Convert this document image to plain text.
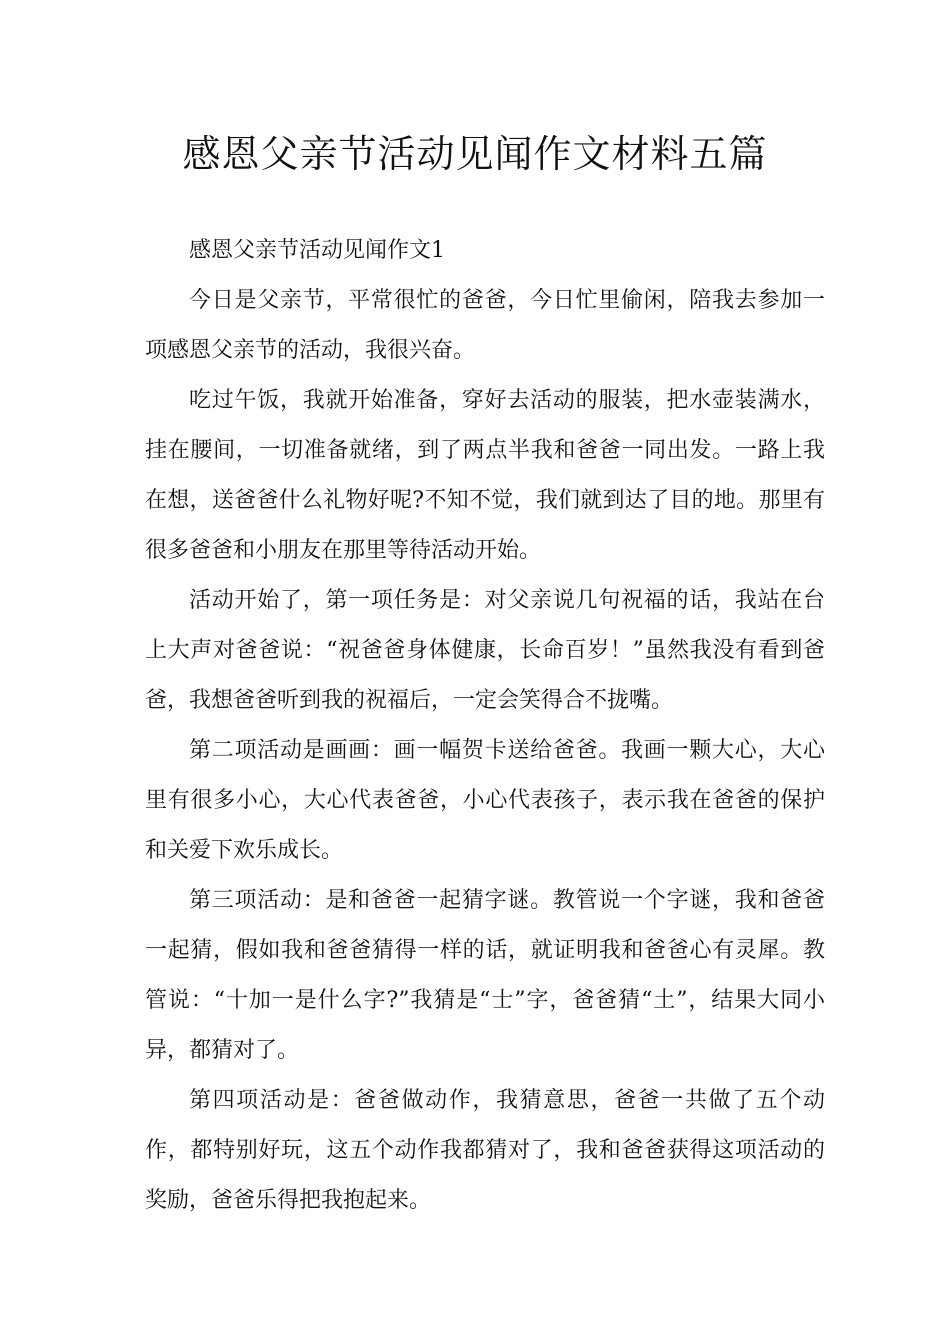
感恩父亲节活动见闻作文材料五篇

感恩父亲节活动见闻作文1

今日是父亲节，平常很忙的爸爸，今日忙里偷闲，陪我去参加一项感恩父亲节的活动，我很兴奋。

吃过午饭，我就开始准备，穿好去活动的服装，把水壶装满水，挂在腰间，一切准备就绪，到了两点半我和爸爸一同出发。一路上我在想，送爸爸什么礼物好呢?不知不觉，我们就到达了目的地。那里有很多爸爸和小朋友在那里等待活动开始。

活动开始了，第一项任务是：对父亲说几句祝福的话，我站在台上大声对爸爸说：“祝爸爸身体健康，长命百岁！”虽然我没有看到爸爸，我想爸爸听到我的祝福后，一定会笑得合不拢嘴。

第二项活动是画画：画一幅贺卡送给爸爸。我画一颗大心，大心里有很多小心，大心代表爸爸，小心代表孩子，表示我在爸爸的保护和关爱下欢乐成长。

第三项活动：是和爸爸一起猜字谜。教管说一个字谜，我和爸爸一起猜，假如我和爸爸猜得一样的话，就证明我和爸爸心有灵犀。教管说：“十加一是什么字?”我猜是“士”字，爸爸猜“土”，结果大同小异，都猜对了。

第四项活动是：爸爸做动作，我猜意思，爸爸一共做了五个动作，都特别好玩，这五个动作我都猜对了，我和爸爸获得这项活动的奖励，爸爸乐得把我抱起来。
